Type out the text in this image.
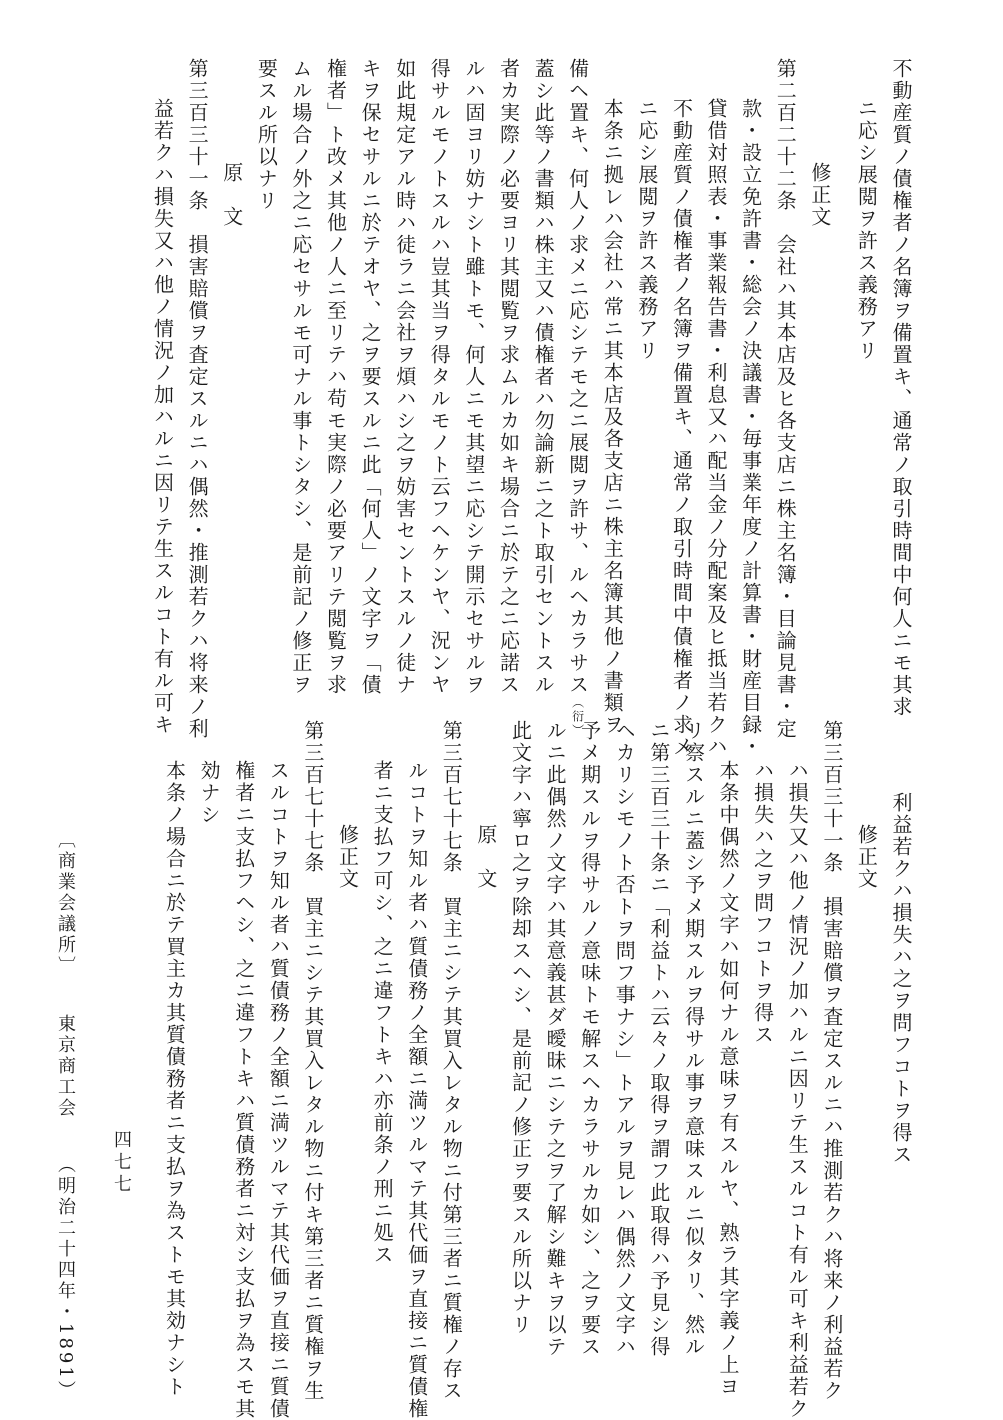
不動産質ノ債権者ノ名簿ヲ備置キ、通常ノ取引時間中何人ニモ其求
ニ応シ展閲ヲ許ス義務アリ
修正文
第二百二十二条　会社ハ其本店及ヒ各支店ニ株主名簿・目論見書・定
款・設立免許書・総会ノ決議書・毎事業年度ノ計算書・財産目録・
貸借対照表・事業報告書・利息又ハ配当金ノ分配案及ヒ抵当若クハ
不動産質ノ債権者ノ名簿ヲ備置キ、通常ノ取引時間中債権者ノ求メ
ニ応シ展閲ヲ許ス義務アリ
本条ニ拠レハ会社ハ常ニ其本店及各支店ニ株主名簿其他ノ書類ヲ
備ヘ置キ、何人ノ求メニ応シテモ之ニ展閲ヲ許サ、ルヘカラサス（衍）
蓋シ此等ノ書類ハ株主又ハ債権者ハ勿論新ニ之ト取引セントスル
者カ実際ノ必要ヨリ其閲覧ヲ求ムルカ如キ場合ニ於テ之ニ応諾ス
ルハ固ヨリ妨ナシト雖トモ、何人ニモ其望ニ応シテ開示セサルヲ
得サルモノトスルハ豈其当ヲ得タルモノト云フヘケンヤ、況ンヤ
如此規定アル時ハ徒ラニ会社ヲ煩ハシ之ヲ妨害セントスルノ徒ナ
キヲ保セサルニ於テオヤ、之ヲ要スルニ此「何人」ノ文字ヲ「債
権者」ト改メ其他ノ人ニ至リテハ苟モ実際ノ必要アリテ閲覧ヲ求
ムル場合ノ外之ニ応セサルモ可ナル事トシタシ、是前記ノ修正ヲ
要スル所以ナリ
原　文
第三百三十一条　損害賠償ヲ査定スルニハ偶然・推測若クハ将来ノ利
益若クハ損失又ハ他ノ情況ノ加ハルニ因リテ生スルコト有ル可キ
利益若クハ損失ハ之ヲ問フコトヲ得ス
修正文
第三百三十一条　損害賠償ヲ査定スルニハ推測若クハ将来ノ利益若ク
ハ損失又ハ他ノ情況ノ加ハルニ因リテ生スルコト有ル可キ利益若ク
ハ損失ハ之ヲ問フコトヲ得ス
本条中偶然ノ文字ハ如何ナル意味ヲ有スルヤ、熟ラ其字義ノ上ヨ
リ察スルニ蓋シ予メ期スルヲ得サル事ヲ意味スルニ似タリ、然ル
ニ第三百三十条ニ「利益トハ云々ノ取得ヲ謂フ此取得ハ予見シ得
ヘカリシモノト否トヲ問フ事ナシ」トアルヲ見レハ偶然ノ文字ハ
予メ期スルヲ得サルノ意味トモ解スヘカラサルカ如シ、之ヲ要ス
ルニ此偶然ノ文字ハ其意義甚ダ曖昧ニシテ之ヲ了解シ難キヲ以テ
此文字ハ寧ロ之ヲ除却スヘシ、是前記ノ修正ヲ要スル所以ナリ
原　文
第三百七十七条　買主ニシテ其買入レタル物ニ付第三者ニ質権ノ存ス
ルコトヲ知ル者ハ質債務ノ全額ニ満ツルマテ其代価ヲ直接ニ質債権
者ニ支払フ可シ、之ニ違フトキハ亦前条ノ刑ニ処ス
修正文
第三百七十七条　買主ニシテ其買入レタル物ニ付キ第三者ニ質権ヲ生
スルコトヲ知ル者ハ質債務ノ全額ニ満ツルマテ其代価ヲ直接ニ質債
権者ニ支払フヘシ、之ニ違フトキハ質債務者ニ対シ支払ヲ為スモ其
効ナシ
本条ノ場合ニ於テ買主カ其質債務者ニ支払ヲ為ストモ其効ナシト
〔商業会議所〕 東京商工会 （明治二十四年・1891） 四七七
